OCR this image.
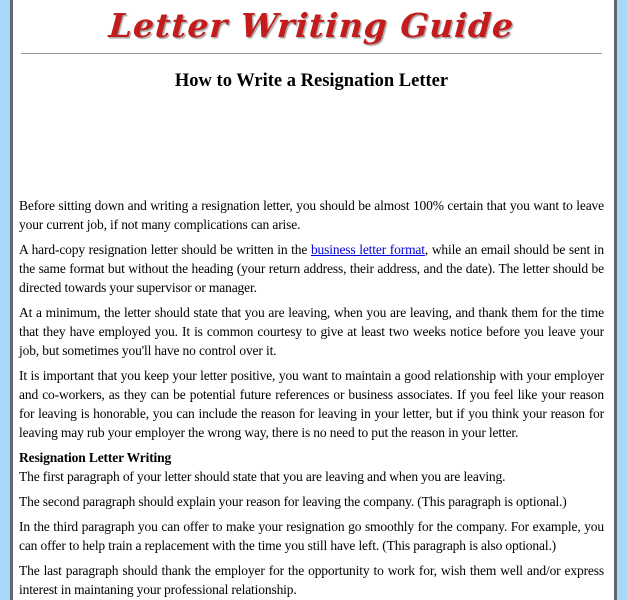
Letter Writing Guide
How to Write a Resignation Letter

Before sitting down and writing a resignation letter, you should be almost 100% certain that you want to leave your current job, if not many complications can arise.

A hard-copy resignation letter should be written in the business letter format, while an email should be sent in the same format but without the heading (your return address, their address, and the date). The letter should be directed towards your supervisor or manager.

At a minimum, the letter should state that you are leaving, when you are leaving, and thank them for the time that they have employed you. It is common courtesy to give at least two weeks notice before you leave your job, but sometimes you'll have no control over it.

It is important that you keep your letter positive, you want to maintain a good relationship with your employer and co-workers, as they can be potential future references or business associates. If you feel like your reason for leaving is honorable, you can include the reason for leaving in your letter, but if you think your reason for leaving may rub your employer the wrong way, there is no need to put the reason in your letter.

Resignation Letter Writing
The first paragraph of your letter should state that you are leaving and when you are leaving.

The second paragraph should explain your reason for leaving the company. (This paragraph is optional.)

In the third paragraph you can offer to make your resignation go smoothly for the company. For example, you can offer to help train a replacement with the time you still have left. (This paragraph is also optional.)

The last paragraph should thank the employer for the opportunity to work for, wish them well and/or express interest in maintaning your professional relationship.
